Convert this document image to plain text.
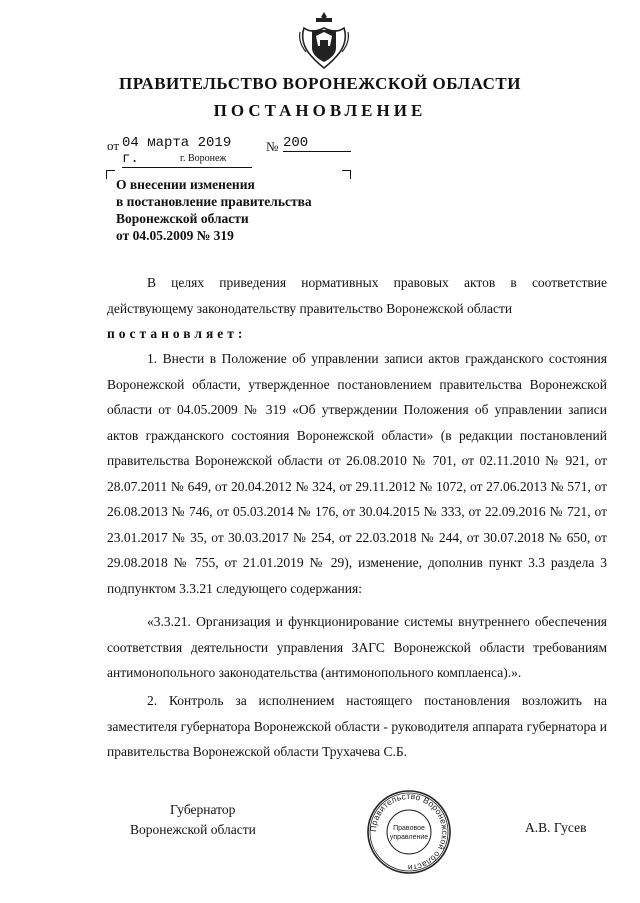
ПРАВИТЕЛЬСТВО ВОРОНЕЖСКОЙ ОБЛАСТИ
ПОСТАНОВЛЕНИЕ
от 04 марта 2019 г.
№ 200
г. Воронеж
О внесении изменения
в постановление правительства
Воронежской области
от 04.05.2009 № 319
В целях приведения нормативных правовых актов в соответствие действующему законодательству правительство Воронежской области
постановляет:
1. Внести в Положение об управлении записи актов гражданского состояния Воронежской области, утвержденное постановлением правительства Воронежской области от 04.05.2009 № 319 «Об утверждении Положения об управлении записи актов гражданского состояния Воронежской области» (в редакции постановлений правительства Воронежской области от 26.08.2010 № 701, от 02.11.2010 № 921, от 28.07.2011 № 649, от 20.04.2012 № 324, от 29.11.2012 № 1072, от 27.06.2013 № 571, от 26.08.2013 № 746, от 05.03.2014 № 176, от 30.04.2015 № 333, от 22.09.2016 № 721, от 23.01.2017 № 35, от 30.03.2017 № 254, от 22.03.2018 № 244, от 30.07.2018 № 650, от 29.08.2018 № 755, от 21.01.2019 № 29), изменение, дополнив пункт 3.3 раздела 3 подпунктом 3.3.21 следующего содержания:
«3.3.21. Организация и функционирование системы внутреннего обеспечения соответствия деятельности управления ЗАГС Воронежской области требованиям антимонопольного законодательства (антимонопольного комплаенса).».
2. Контроль за исполнением настоящего постановления возложить на заместителя губернатора Воронежской области - руководителя аппарата губернатора и правительства Воронежской области Трухачева С.Б.
Губернатор
Воронежской области	Правительство Воронежской области
Правовое
управление
А.В. Гусев
